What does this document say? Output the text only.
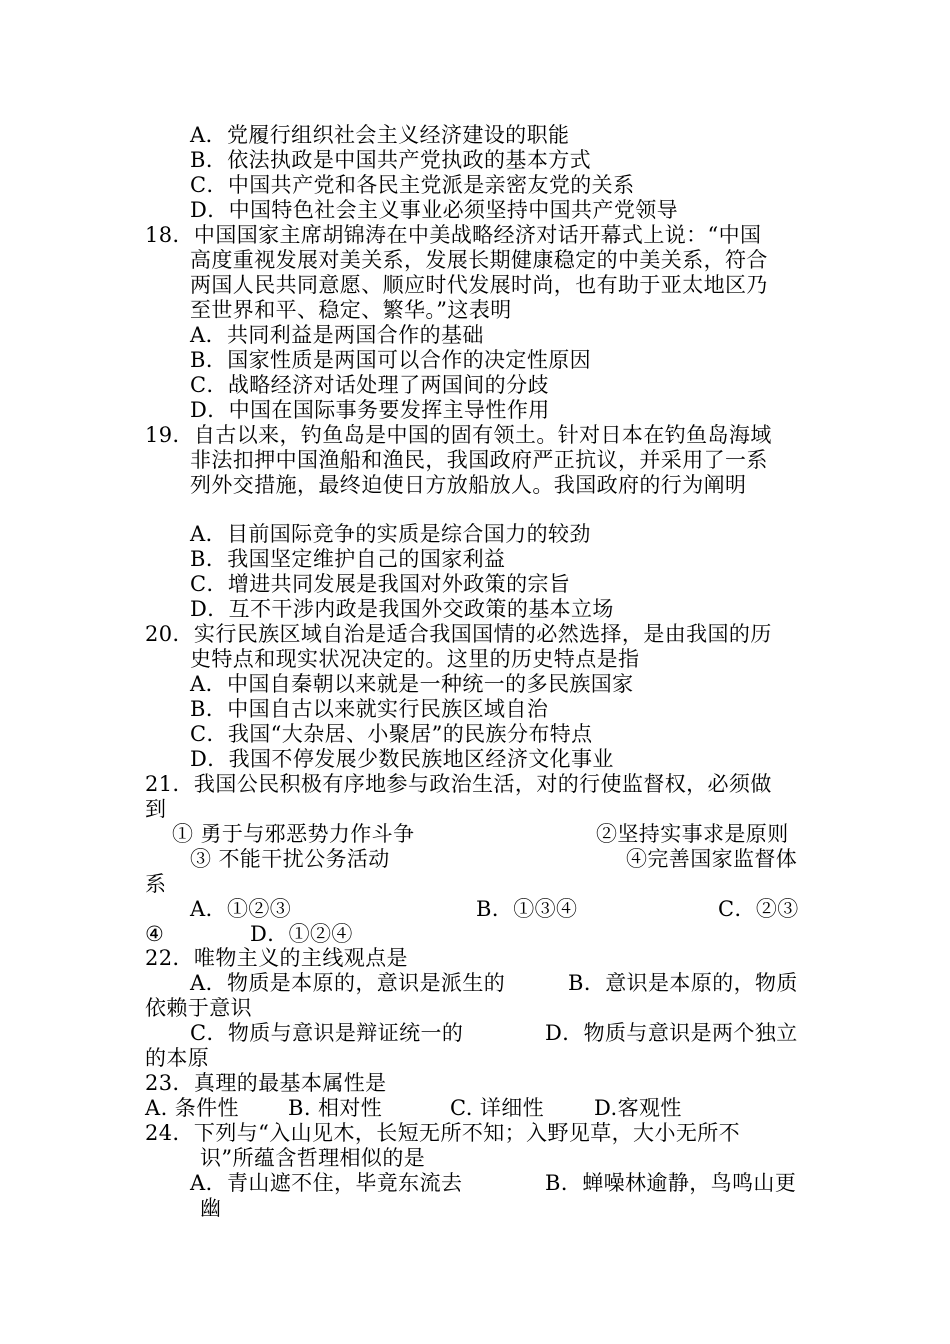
A．党履行组织社会主义经济建设的职能
B．依法执政是中国共产党执政的基本方式
C．中国共产党和各民主党派是亲密友党的关系
D．中国特色社会主义事业必须坚持中国共产党领导
18．中国国家主席胡锦涛在中美战略经济对话开幕式上说：“中国
高度重视发展对美关系，发展长期健康稳定的中美关系，符合
两国人民共同意愿、顺应时代发展时尚，也有助于亚太地区乃
至世界和平、稳定、繁华。”这表明
A．共同利益是两国合作的基础
B．国家性质是两国可以合作的决定性原因
C．战略经济对话处理了两国间的分歧
D．中国在国际事务要发挥主导性作用
19．自古以来，钓鱼岛是中国的固有领土。针对日本在钓鱼岛海域
非法扣押中国渔船和渔民，我国政府严正抗议，并采用了一系
列外交措施，最终迫使日方放船放人。我国政府的行为阐明
A．目前国际竞争的实质是综合国力的较劲
B．我国坚定维护自己的国家利益
C．增进共同发展是我国对外政策的宗旨
D．互不干涉内政是我国外交政策的基本立场
20．实行民族区域自治是适合我国国情的必然选择，是由我国的历
史特点和现实状况决定的。这里的历史特点是指
A．中国自秦朝以来就是一种统一的多民族国家
B．中国自古以来就实行民族区域自治
C．我国“大杂居、小聚居”的民族分布特点
D．我国不停发展少数民族地区经济文化事业
21．我国公民积极有序地参与政治生活，对的行使监督权，必须做
到
① 勇于与邪恶势力作斗争	②坚持实事求是原则
③ 不能干扰公务活动	④完善国家监督体
系
A．①②③	B．①③④	C．②③
④	D．①②④
22．唯物主义的主线观点是
A．物质是本原的，意识是派生的	B．意识是本原的，物质
依赖于意识
C．物质与意识是辩证统一的	D．物质与意识是两个独立
的本原
23．真理的最基本属性是
A. 条件性 B. 相对性	C. 详细性 D.客观性
24．下列与“入山见木，长短无所不知；入野见草，大小无所不
识”所蕴含哲理相似的是
A．青山遮不住，毕竟东流去	B．蝉噪林逾静，鸟鸣山更
幽
